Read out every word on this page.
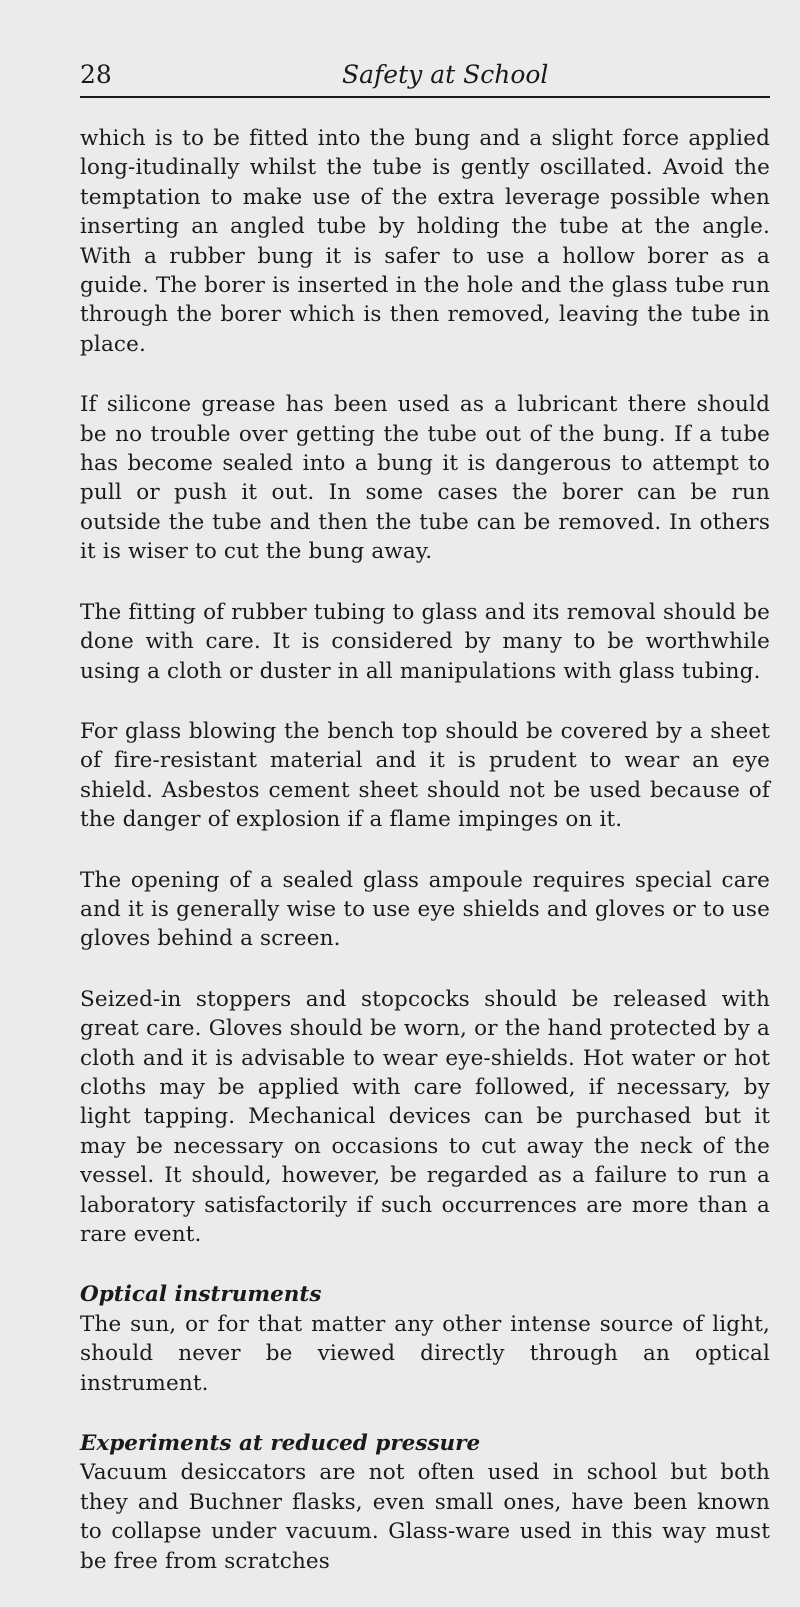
28	Safety at School

which is to be fitted into the bung and a slight force applied long-itudinally whilst the tube is gently oscillated. Avoid the temptation to make use of the extra leverage possible when inserting an angled tube by holding the tube at the angle. With a rubber bung it is safer to use a hollow borer as a guide. The borer is inserted in the hole and the glass tube run through the borer which is then removed, leaving the tube in place.

If silicone grease has been used as a lubricant there should be no trouble over getting the tube out of the bung. If a tube has become sealed into a bung it is dangerous to attempt to pull or push it out. In some cases the borer can be run outside the tube and then the tube can be removed. In others it is wiser to cut the bung away.

The fitting of rubber tubing to glass and its removal should be done with care. It is considered by many to be worthwhile using a cloth or duster in all manipulations with glass tubing.

For glass blowing the bench top should be covered by a sheet of fire-resistant material and it is prudent to wear an eye shield. Asbestos cement sheet should not be used because of the danger of explosion if a flame impinges on it.

The opening of a sealed glass ampoule requires special care and it is generally wise to use eye shields and gloves or to use gloves behind a screen.

Seized-in stoppers and stopcocks should be released with great care. Gloves should be worn, or the hand protected by a cloth and it is advisable to wear eye-shields. Hot water or hot cloths may be applied with care followed, if necessary, by light tapping. Mechanical devices can be purchased but it may be necessary on occasions to cut away the neck of the vessel. It should, however, be regarded as a failure to run a laboratory satisfactorily if such occurrences are more than a rare event.

Optical instruments

The sun, or for that matter any other intense source of light, should never be viewed directly through an optical instrument.

Experiments at reduced pressure

Vacuum desiccators are not often used in school but both they and Buchner flasks, even small ones, have been known to collapse under vacuum. Glass-ware used in this way must be free from scratches
